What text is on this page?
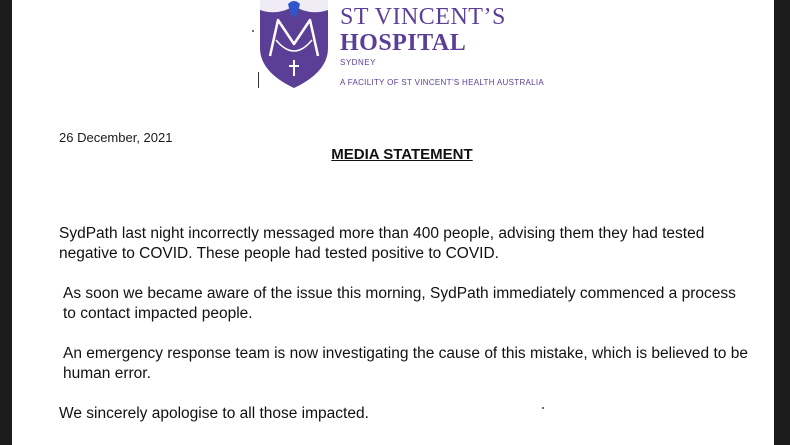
ST VINCENT’S
HOSPITAL
SYDNEY
A FACILITY OF ST VINCENT’S HEALTH AUSTRALIA
26 December, 2021
MEDIA STATEMENT

SydPath last night incorrectly messaged more than 400 people, advising them they had tested negative to COVID. These people had tested positive to COVID.

As soon we became aware of the issue this morning, SydPath immediately commenced a process to contact impacted people.

An emergency response team is now investigating the cause of this mistake, which is believed to be human error.

We sincerely apologise to all those impacted.
